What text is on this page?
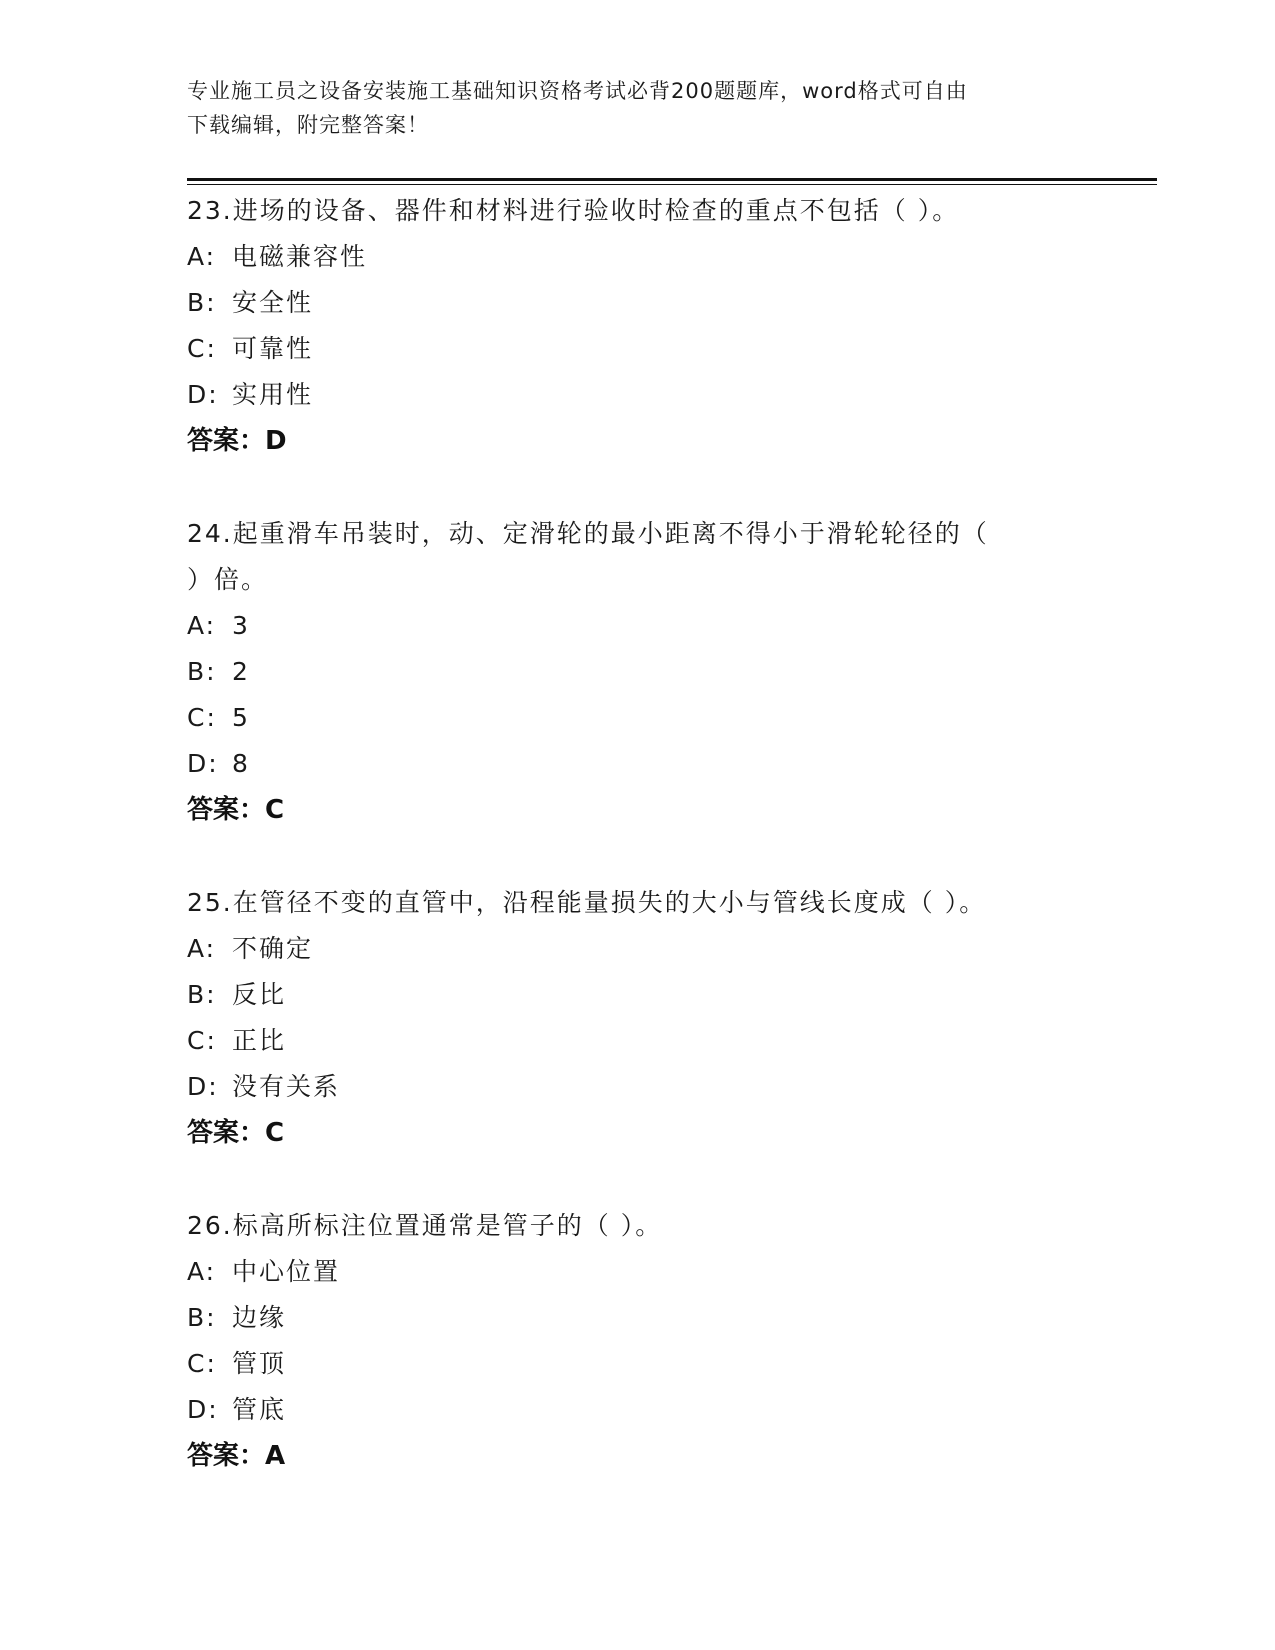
专业施工员之设备安装施工基础知识资格考试必背200题题库，word格式可自由
下载编辑，附完整答案！
23.进场的设备、器件和材料进行验收时检查的重点不包括（ ）。
A: 电磁兼容性
B: 安全性
C: 可靠性
D: 实用性
答案：D
24.起重滑车吊装时，动、定滑轮的最小距离不得小于滑轮轮径的（
）倍。
A: 3
B: 2
C: 5
D: 8
答案：C
25.在管径不变的直管中，沿程能量损失的大小与管线长度成（ ）。
A: 不确定
B: 反比
C: 正比
D: 没有关系
答案：C
26.标高所标注位置通常是管子的（ ）。
A: 中心位置
B: 边缘
C: 管顶
D: 管底
答案：A
